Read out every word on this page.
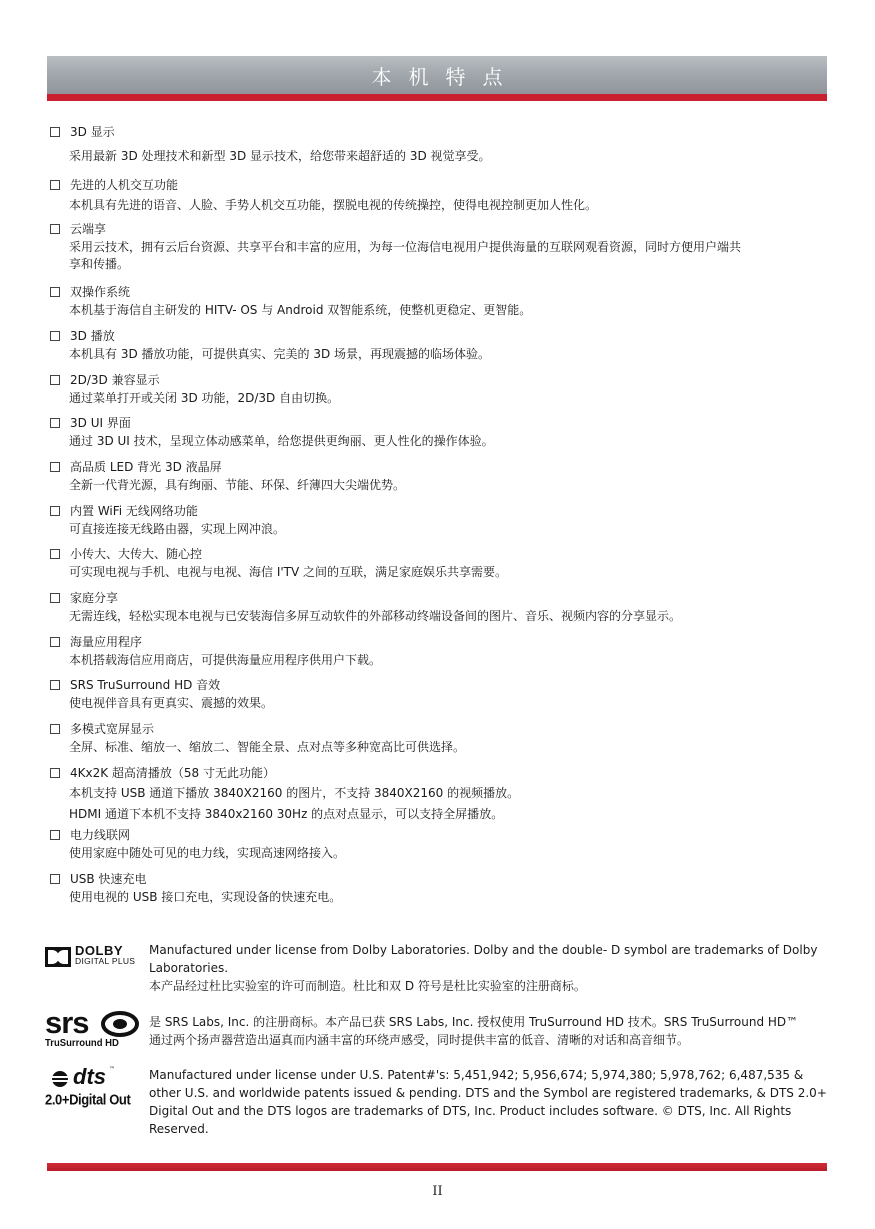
本机特点
3D 显示
采用最新 3D 处理技术和新型 3D 显示技术，给您带来超舒适的 3D 视觉享受。
先进的人机交互功能
本机具有先进的语音、人脸、手势人机交互功能，摆脱电视的传统操控，使得电视控制更加人性化。
云端享
采用云技术，拥有云后台资源、共享平台和丰富的应用，为每一位海信电视用户提供海量的互联网观看资源，同时方便用户端共
享和传播。
双操作系统
本机基于海信自主研发的 HITV- OS 与 Android 双智能系统，使整机更稳定、更智能。
3D 播放
本机具有 3D 播放功能，可提供真实、完美的 3D 场景，再现震撼的临场体验。
2D/3D 兼容显示
通过菜单打开或关闭 3D 功能，2D/3D 自由切换。
3D UI 界面
通过 3D UI 技术，呈现立体动感菜单，给您提供更绚丽、更人性化的操作体验。
高品质 LED 背光 3D 液晶屏
全新一代背光源，具有绚丽、节能、环保、纤薄四大尖端优势。
内置 WiFi 无线网络功能
可直接连接无线路由器，实现上网冲浪。
小传大、大传大、随心控
可实现电视与手机、电视与电视、海信 I'TV 之间的互联，满足家庭娱乐共享需要。
家庭分享
无需连线，轻松实现本电视与已安装海信多屏互动软件的外部移动终端设备间的图片、音乐、视频内容的分享显示。
海量应用程序
本机搭载海信应用商店，可提供海量应用程序供用户下载。
SRS TruSurround HD 音效
使电视伴音具有更真实、震撼的效果。
多模式宽屏显示
全屏、标准、缩放一、缩放二、智能全景、点对点等多种宽高比可供选择。
4Kx2K 超高清播放（58 寸无此功能）
本机支持 USB 通道下播放 3840X2160 的图片，不支持 3840X2160 的视频播放。
HDMI 通道下本机不支持 3840x2160 30Hz 的点对点显示，可以支持全屏播放。
电力线联网
使用家庭中随处可见的电力线，实现高速网络接入。
USB 快速充电
使用电视的 USB 接口充电，实现设备的快速充电。
DOLBY
DIGITAL PLUS
Manufactured under license from Dolby Laboratories. Dolby and the double- D symbol are trademarks of Dolby Laboratories.
本产品经过杜比实验室的许可而制造。杜比和双 D 符号是杜比实验室的注册商标。
srs
TruSurround HD
是 SRS Labs, Inc. 的注册商标。本产品已获 SRS Labs, Inc. 授权使用 TruSurround HD 技术。SRS TruSurround HD™ 通过两个扬声器营造出逼真而内涵丰富的环绕声感受，同时提供丰富的低音、清晰的对话和高音细节。
dts ™
2.0+Digital Out
Manufactured under license under U.S. Patent#'s: 5,451,942; 5,956,674; 5,974,380; 5,978,762; 6,487,535 & other U.S. and worldwide patents issued & pending. DTS and the Symbol are registered trademarks, & DTS 2.0+ Digital Out and the DTS logos are trademarks of DTS, Inc. Product includes software. © DTS, Inc. All Rights Reserved.
II
